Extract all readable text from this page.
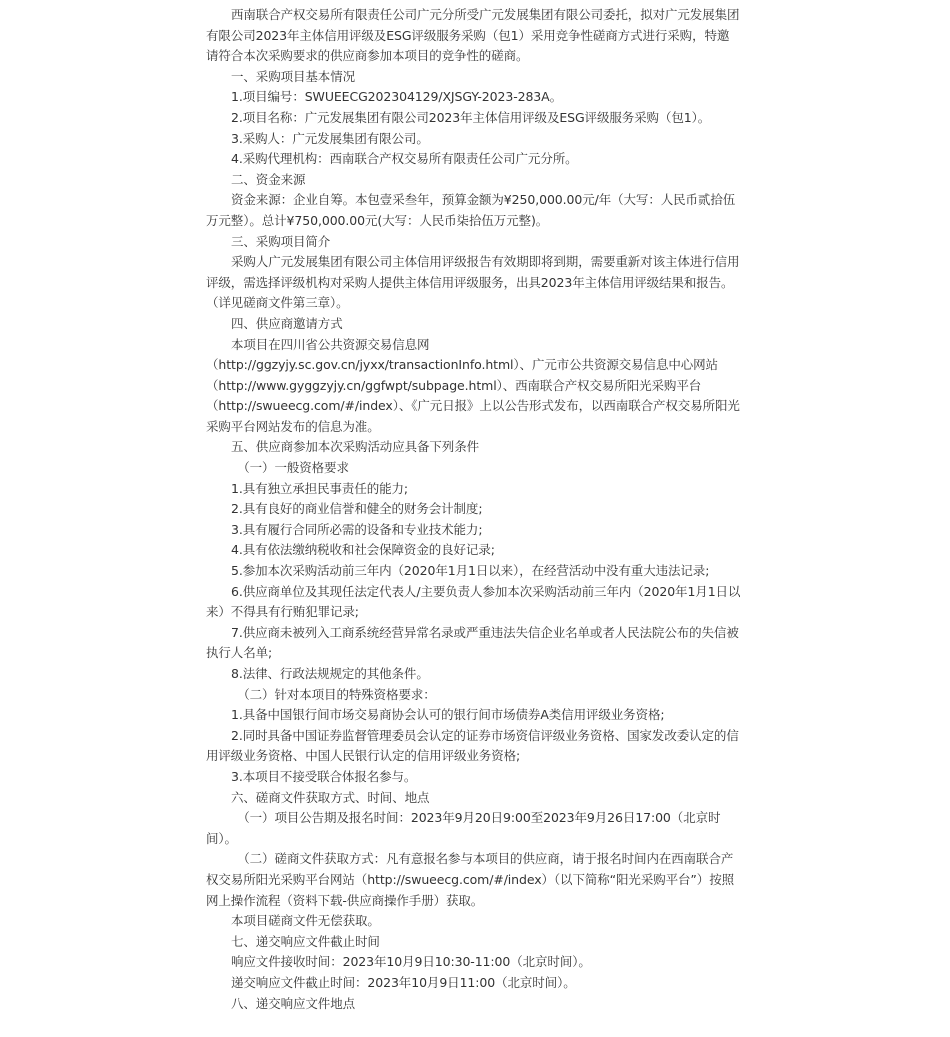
西南联合产权交易所有限责任公司广元分所受广元发展集团有限公司委托，拟对广元发展集团有限公司2023年主体信用评级及ESG评级服务采购（包1）采用竞争性磋商方式进行采购，特邀请符合本次采购要求的供应商参加本项目的竞争性的磋商。

一、采购项目基本情况

1.项目编号：SWUEECG202304129/XJSGY-2023-283A。

2.项目名称：广元发展集团有限公司2023年主体信用评级及ESG评级服务采购（包1）。

3.采购人：广元发展集团有限公司。

4.采购代理机构：西南联合产权交易所有限责任公司广元分所。

二、资金来源

资金来源：企业自筹。本包壹采叁年，预算金额为¥250,000.00元/年（大写：人民币贰拾伍万元整）。总计¥750,000.00元(大写：人民币柒拾伍万元整)。

三、采购项目简介

采购人广元发展集团有限公司主体信用评级报告有效期即将到期，需要重新对该主体进行信用评级，需选择评级机构对采购人提供主体信用评级服务，出具2023年主体信用评级结果和报告。（详见磋商文件第三章）。

四、供应商邀请方式

本项目在四川省公共资源交易信息网

（http://ggzyjy.sc.gov.cn/jyxx/transactionInfo.html）、广元市公共资源交易信息中心网站

（http://www.gyggzyjy.cn/ggfwpt/subpage.html）、西南联合产权交易所阳光采购平台

（http://swueecg.com/#/index）、《广元日报》上以公告形式发布，以西南联合产权交易所阳光采购平台网站发布的信息为准。

五、供应商参加本次采购活动应具备下列条件

（一）一般资格要求

1.具有独立承担民事责任的能力;

2.具有良好的商业信誉和健全的财务会计制度;

3.具有履行合同所必需的设备和专业技术能力;

4.具有依法缴纳税收和社会保障资金的良好记录;

5.参加本次采购活动前三年内（2020年1月1日以来），在经营活动中没有重大违法记录;

6.供应商单位及其现任法定代表人/主要负责人参加本次采购活动前三年内（2020年1月1日以来）不得具有行贿犯罪记录;

7.供应商未被列入工商系统经营异常名录或严重违法失信企业名单或者人民法院公布的失信被执行人名单;

8.法律、行政法规规定的其他条件。

（二）针对本项目的特殊资格要求：

1.具备中国银行间市场交易商协会认可的银行间市场债券A类信用评级业务资格;

2.同时具备中国证券监督管理委员会认定的证券市场资信评级业务资格、国家发改委认定的信用评级业务资格、中国人民银行认定的信用评级业务资格;

3.本项目不接受联合体报名参与。

六、磋商文件获取方式、时间、地点

（一）项目公告期及报名时间：2023年9月20日9:00至2023年9月26日17:00（北京时间）。

（二）磋商文件获取方式：凡有意报名参与本项目的供应商，请于报名时间内在西南联合产权交易所阳光采购平台网站（http://swueecg.com/#/index）（以下简称“阳光采购平台”）按照网上操作流程（资料下载-供应商操作手册）获取。

本项目磋商文件无偿获取。

七、递交响应文件截止时间

响应文件接收时间：2023年10月9日10:30-11:00（北京时间）。

递交响应文件截止时间：2023年10月9日11:00（北京时间）。

八、递交响应文件地点
